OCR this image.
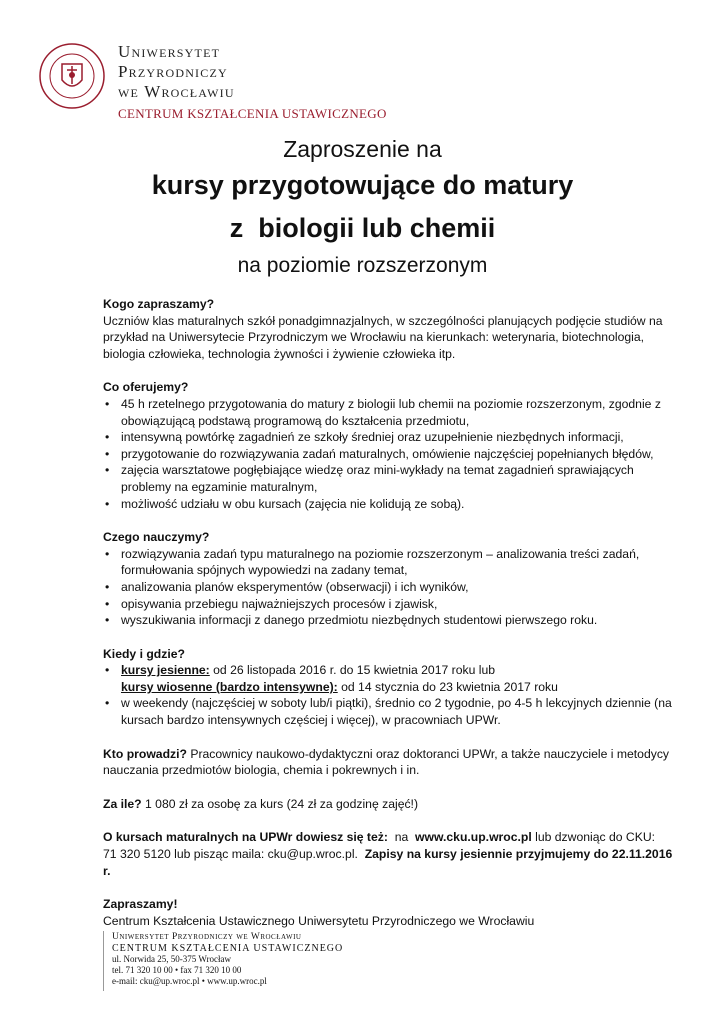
Uniwersytet
Przyrodniczy
we Wrocławiu
CENTRUM KSZTAŁCENIA USTAWICZNEGO
Zaproszenie na
kursy przygotowujące do matury
z  biologii lub chemii
na poziomie rozszerzonym
Kogo zapraszamy?
Uczniów klas maturalnych szkół ponadgimnazjalnych, w szczególności planujących podjęcie studiów na przykład na Uniwersytecie Przyrodniczym we Wrocławiu na kierunkach: weterynaria, biotechnologia, biologia człowieka, technologia żywności i żywienie człowieka itp.
Co oferujemy?
• 45 h rzetelnego przygotowania do matury z biologii lub chemii na poziomie rozszerzonym, zgodnie z obowiązującą podstawą programową do kształcenia przedmiotu,
• intensywną powtórkę zagadnień ze szkoły średniej oraz uzupełnienie niezbędnych informacji,
• przygotowanie do rozwiązywania zadań maturalnych, omówienie najczęściej popełnianych błędów,
• zajęcia warsztatowe pogłębiające wiedzę oraz mini-wykłady na temat zagadnień sprawiających problemy na egzaminie maturalnym,
• możliwość udziału w obu kursach (zajęcia nie kolidują ze sobą).
Czego nauczymy?
• rozwiązywania zadań typu maturalnego na poziomie rozszerzonym – analizowania treści zadań, formułowania spójnych wypowiedzi na zadany temat,
• analizowania planów eksperymentów (obserwacji) i ich wyników,
• opisywania przebiegu najważniejszych procesów i zjawisk,
• wyszukiwania informacji z danego przedmiotu niezbędnych studentowi pierwszego roku.
Kiedy i gdzie?
• kursy jesienne: od 26 listopada 2016 r. do 15 kwietnia 2017 roku lub
kursy wiosenne (bardzo intensywne): od 14 stycznia do 23 kwietnia 2017 roku
• w weekendy (najczęściej w soboty lub/i piątki), średnio co 2 tygodnie, po 4-5 h lekcyjnych dziennie (na kursach bardzo intensywnych częściej i więcej), w pracowniach UPWr.
Kto prowadzi? Pracownicy naukowo-dydaktyczni oraz doktoranci UPWr, a także nauczyciele i metodycy nauczania przedmiotów biologia, chemia i pokrewnych i in.
Za ile? 1 080 zł za osobę za kurs (24 zł za godzinę zajęć!)
O kursach maturalnych na UPWr dowiesz się też:  na  www.cku.up.wroc.pl lub dzwoniąc do CKU:
71 320 5120 lub pisząc maila: cku@up.wroc.pl.  Zapisy na kursy jesiennie przyjmujemy do 22.11.2016 r.
Zapraszamy!
Centrum Kształcenia Ustawicznego Uniwersytetu Przyrodniczego we Wrocławiu
Uniwersytet Przyrodniczy we Wrocławiu
CENTRUM KSZTAŁCENIA USTAWICZNEGO
ul. Norwida 25, 50-375 Wrocław
tel. 71 320 10 00 • fax 71 320 10 00
e-mail: cku@up.wroc.pl • www.up.wroc.pl
